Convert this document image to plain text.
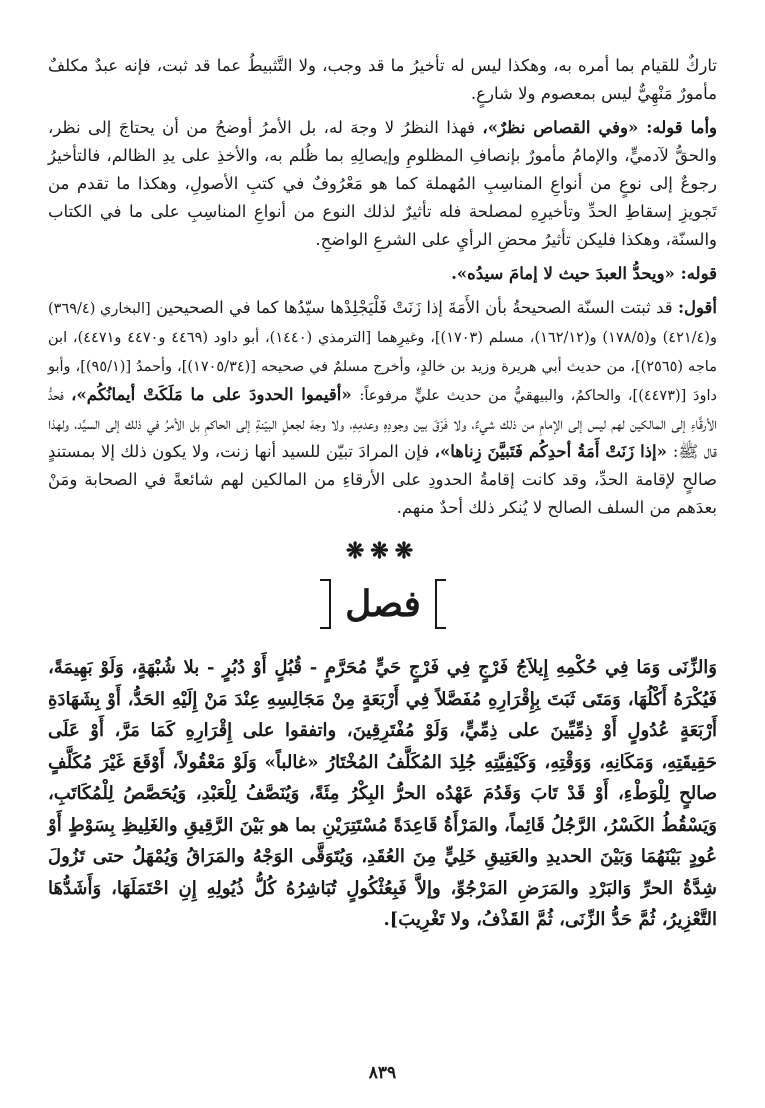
تاركٌ للقيام بما أمره به، وهكذا ليس له تأخيرُ ما قد وجب، ولا التَّثبيطُ عما قد ثبت، فإنه عبدٌ مكلفٌ مأمورٌ مَنْهِيٌّ ليس بمعصوم ولا شارعٍ.

وأما قوله: «وفي القصاص نظرٌ»، فهذا النظرُ لا وجهَ له، بل الأمرُ أوضحُ من أن يحتاجَ إلى نظر، والحقُّ لآدميٍّ، والإمامُ مأمورٌ بإنصافِ المظلومِ وإيصالِهِ بما ظُلم به، والأخذِ على يدِ الظالم، فالتأخيرُ رجوعٌ إلى نوعٍ من أنواعِ المناسِبِ المُهملة كما هو مَعْرُوفٌ في كتبِ الأصولِ، وهكذا ما تقدم من تَجويزِ إسقاطِ الحدِّ وتأخيرِهِ لمصلحة فله تأثيرٌ لذلك النوع من أنواعِ المناسِبِ على ما في الكتاب والسنّة، وهكذا فليكن تأثيرُ محضِ الرأيِ على الشرعِ الواضحِ.

قوله: «ويحدُّ العبدَ حيث لا إمامَ سيدُه».

أقول: قد ثبتت السنّة الصحيحةُ بأن الأَمَةَ إذا زَنَتْ فَلْيَجْلِدْها سيّدُها كما في الصحيحين [البخاري (٣٦٩/٤) و(٤٢١/٤) و(١٧٨/٥) و(١٦٢/١٢)، مسلم (١٧٠٣)]، وغيرِهما [الترمذي (١٤٤٠)، أبو داود (٤٤٦٩ و٤٤٧٠ و٤٤٧١)، ابن ماجه (٢٥٦٥)]، من حديث أبي هريرة وزيد بن خالدٍ، وأخرج مسلمٌ في صحيحه [(١٧٠٥/٣٤)]، وأحمدُ [(٩٥/١)]، وأبو داودَ [(٤٤٧٣)]، والحاكمُ، والبيهقيُّ من حديث عليٍّ مرفوعاً: «أقيموا الحدودَ على ما مَلَكَتْ أيمانُكُم»، فحدُّ الأرقَّاءِ إلى المالكين لهم ليس إلى الإمامِ من ذلك شيءٌ، ولا فَرْقَ بين وجودِهِ وعدمِهِ، ولا وجهَ لجعلِ البيّنةِ إلى الحاكمِ بل الأمرُ في ذلك إلى السيِّد، ولهذا قال ﷺ: «إذا زَنَتْ أَمَةُ أحدِكُم فَتَبيَّنَ زِناها»، فإن المرادَ تبيّن للسيد أنها زنت، ولا يكون ذلك إلا بمستندٍ صالحٍ لإقامة الحدِّ، وقد كانت إقامةُ الحدودِ على الأرقاءِ من المالكين لهم شائعةً في الصحابة ومَنْ بعدَهم من السلف الصالح لا يُنكر ذلك أحدٌ منهم.

❋❋❋
فصل

وَالزِّنَى وَمَا فِي حُكْمِهِ إِيلاَجُ فَرْجٍ فِي فَرْجٍ حَيٍّ مُحَرَّمٍ - قُبُلٍ أَوْ دُبُرٍ - بلا شُبْهَةٍ، وَلَوْ بَهِيمَةً، فَيُكْرَهُ أَكْلُهَا، وَمَتَى ثَبَتَ بِإِقْرَارِهِ مُفَصَّلاً فِي أَرْبَعَةٍ مِنْ مَجَالِسِهِ عِنْدَ مَنْ إِلَيْهِ الحَدُّ، أَوْ بِشَهَادَةِ أَرْبَعَةٍ عُدُولٍ أَوْ ذِمِّيِّينَ على ذِمِّيٍّ، وَلَوْ مُفْتَرِقِينَ، واتفقوا على إِقْرَارِهِ كَمَا مَرَّ، أَوْ عَلَى حَقِيقَتِهِ، وَمَكَانِهِ، وَوَقْتِهِ، وَكَيْفِيَّتِهِ جُلِدَ المُكَلَّفُ المُخْتَارُ «غالباً» وَلَوْ مَعْقُولاً، أَوْقَعَ غَيْرَ مُكَلَّفٍ صالحٍ لِلْوَطْءِ، أَوْ قَدْ تَابَ وَقَدُمَ عَهْدُه الحرُّ البِكْرُ مِئَةً، وَيُنَصَّفُ لِلْعَبْدِ، وَيُحَصَّصُ لِلْمُكَاتَبِ، وَيَسْقُطُ الكَسْرُ، الرَّجُلُ قَائِماً، والمَرْأَةُ قَاعِدَةً مُسْتَتِرَيْنِ بما هو بَيْنَ الرَّقِيقِ والغَلِيظِ بِسَوْطٍ أَوْ عُودٍ بَيْنَهُمَا وَبَيْنَ الحديدِ والعَتِيقِ خَلِيٍّ مِنَ العُقَدِ، وَيُتَوَقَّى الوَجْهُ والمَرَاقُ وَيُمْهَلُ حتى تَزُولَ شِدَّةُ الحرِّ وَالبَرْدِ والمَرَضِ المَرْجُوِّ، وإلاَّ فَبِعُثْكُولٍ تُبَاشِرُهُ كُلُّ ذُيُولِهِ إِنِ احْتَمَلَهَا، وَأَشَدُّهَا التَّعْزِيرُ، ثُمَّ حَدُّ الزِّنَى، ثُمَّ القَذْفُ، ولا تَغْرِيبَ].

٨٣٩
